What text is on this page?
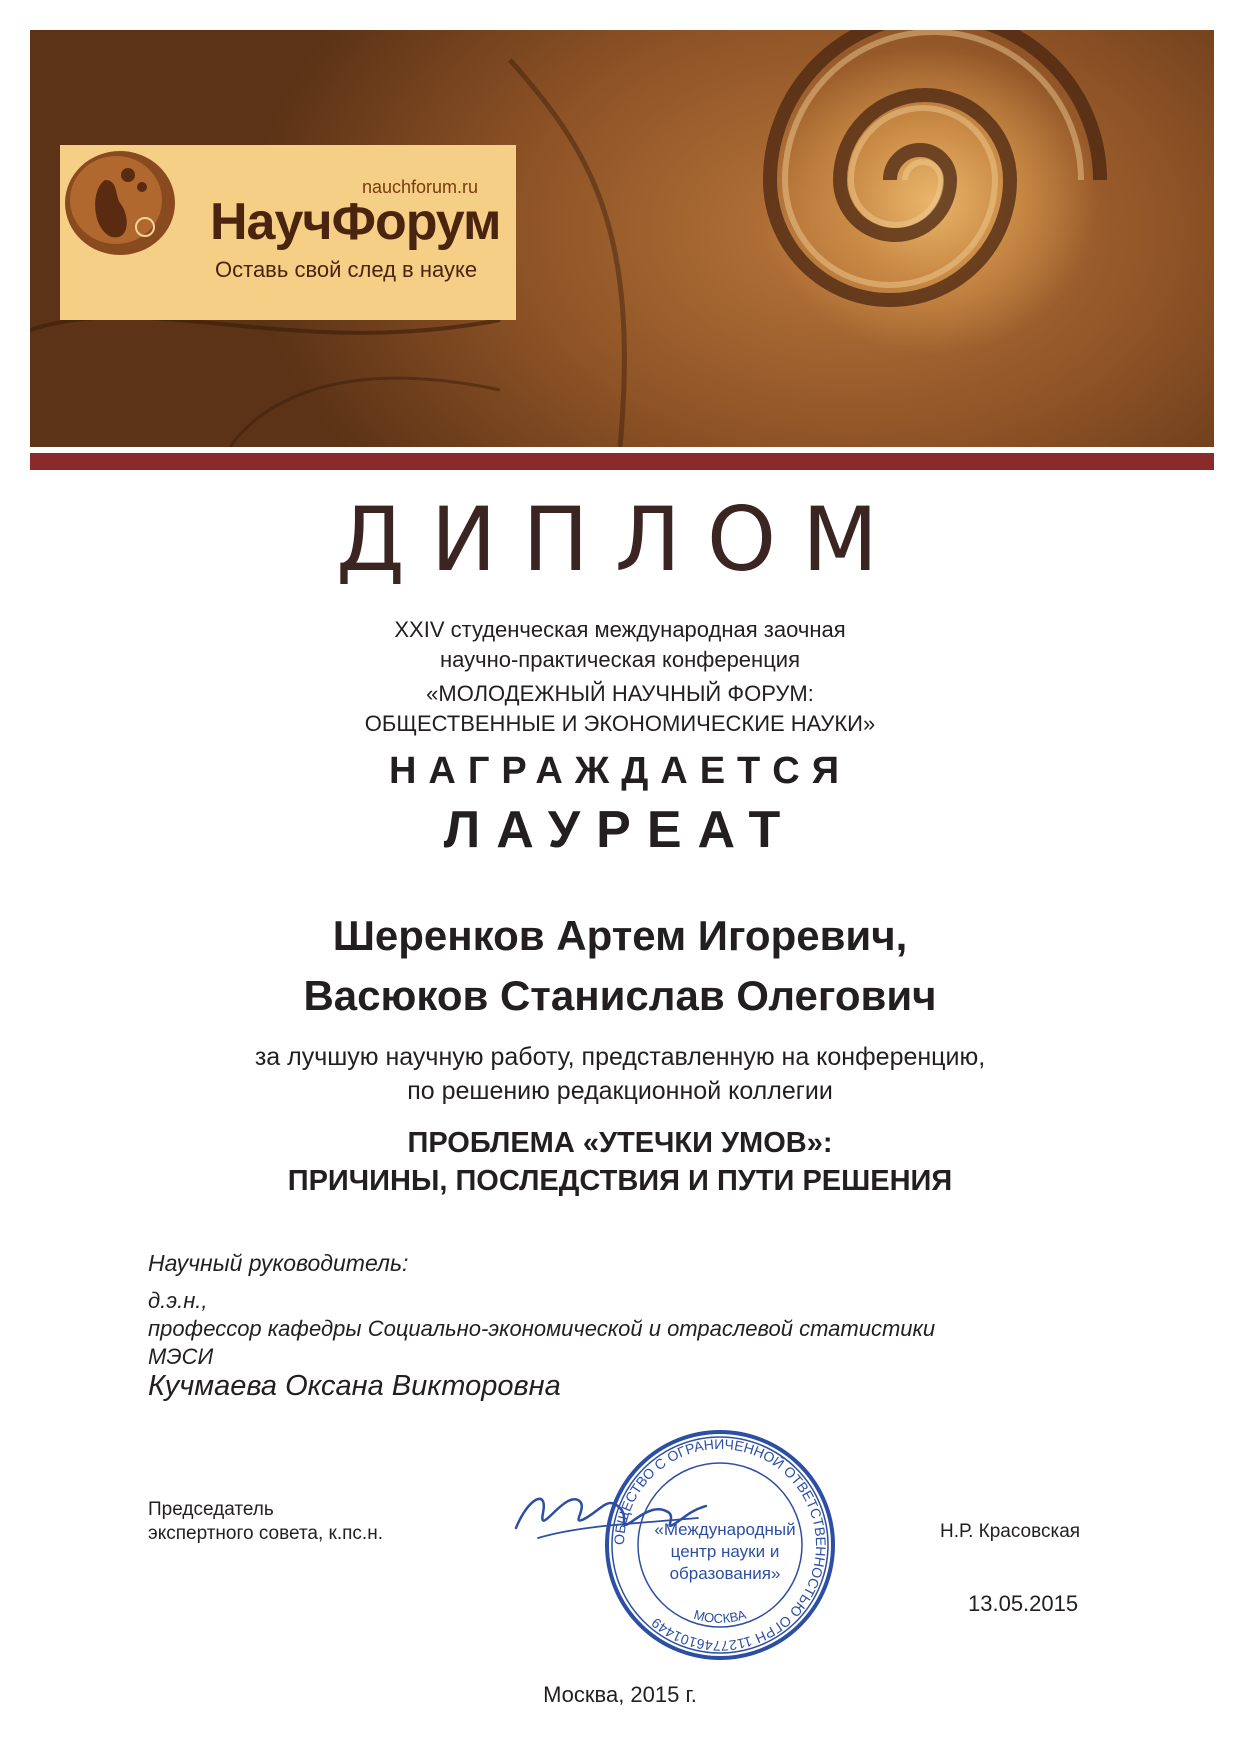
nauchforum.ru
НаучФорум
Оставь свой след в науке
ДИПЛОМ
XXIV студенческая международная заочная
научно-практическая конференция
«МОЛОДЕЖНЫЙ НАУЧНЫЙ ФОРУМ:
ОБЩЕСТВЕННЫЕ И ЭКОНОМИЧЕСКИЕ НАУКИ»
НАГРАЖДАЕТСЯ
ЛАУРЕАТ
Шеренков Артем Игоревич,
Васюков Станислав Олегович
за лучшую научную работу, представленную на конференцию,
по решению редакционной коллегии
ПРОБЛЕМА «УТЕЧКИ УМОВ»:
ПРИЧИНЫ, ПОСЛЕДСТВИЯ И ПУТИ РЕШЕНИЯ
Научный руководитель:
д.э.н.,
профессор кафедры Социально-экономической и отраслевой статистики
МЭСИ
Кучмаева Оксана Викторовна
Председатель
экспертного совета, к.пс.н.	Н.Р. Красовская
ОБЩЕСТВО С ОГРАНИЧЕННОЙ ОТВЕТСТВЕННОСТЬЮ ОГРН 1127746101449
«Международный
центр науки и
образования»
МОСКВА	13.05.2015
Москва, 2015 г.
